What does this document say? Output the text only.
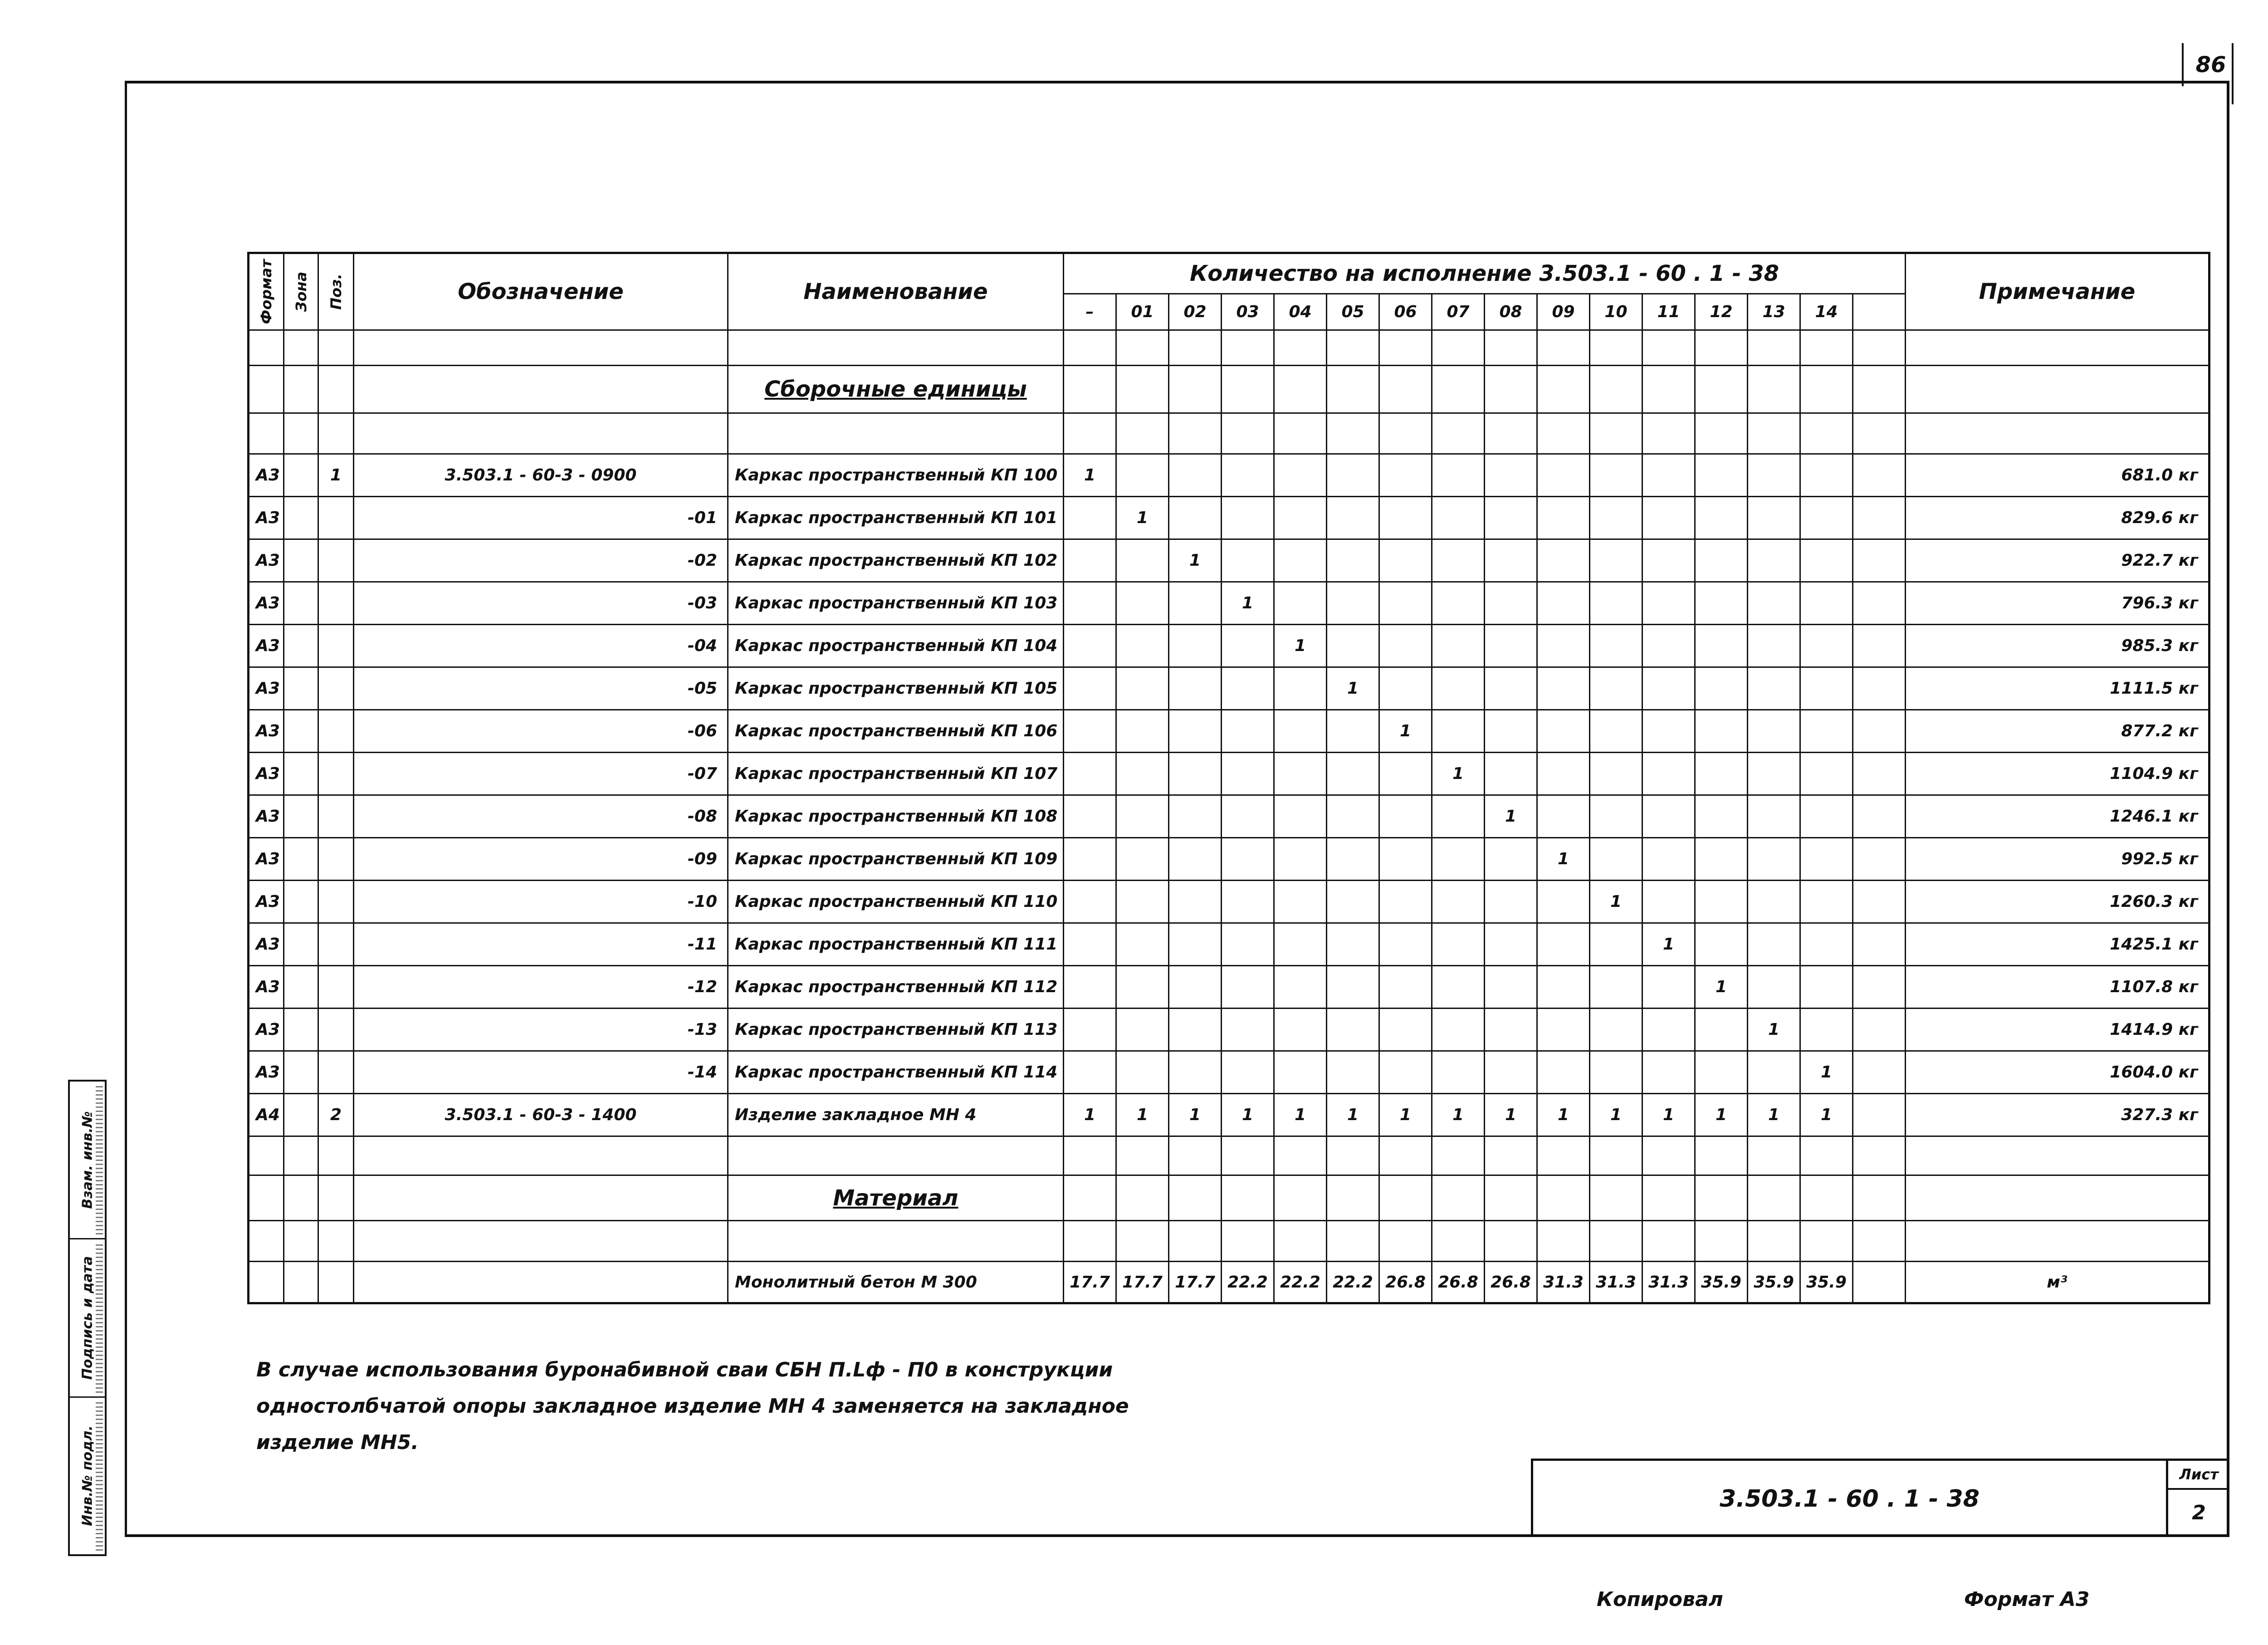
86
Инв.№ подл.
Подпись и дата
Взам. инв.№
Формат	Зона	Поз.	Обозначение	Наименование	Количество на исполнение 3.503.1 - 60 . 1 - 38																Примечание
					–	01	02	03	04	05	06	07	08	09	10	11	12	13	14		

				Сборочные единицы																	

А3		1	3.503.1 - 60-3 - 0900	Каркас пространственный КП 100	1																681.0 кг
А3			-01	Каркас пространственный КП 101		1															829.6 кг
А3			-02	Каркас пространственный КП 102			1														922.7 кг
А3			-03	Каркас пространственный КП 103				1													796.3 кг
А3			-04	Каркас пространственный КП 104					1												985.3 кг
А3			-05	Каркас пространственный КП 105						1											1111.5 кг
А3			-06	Каркас пространственный КП 106							1										877.2 кг
А3			-07	Каркас пространственный КП 107								1									1104.9 кг
А3			-08	Каркас пространственный КП 108									1								1246.1 кг
А3			-09	Каркас пространственный КП 109										1							992.5 кг
А3			-10	Каркас пространственный КП 110											1						1260.3 кг
А3			-11	Каркас пространственный КП 111												1					1425.1 кг
А3			-12	Каркас пространственный КП 112													1				1107.8 кг
А3			-13	Каркас пространственный КП 113														1			1414.9 кг
А3			-14	Каркас пространственный КП 114															1		1604.0 кг
А4		2	3.503.1 - 60-3 - 1400	Изделие закладное МН 4	1	1	1	1	1	1	1	1	1	1	1	1	1	1	1		327.3 кг

				Материал																	

				Монолитный бетон М 300	17.7	17.7	17.7	22.2	22.2	22.2	26.8	26.8	26.8	31.3	31.3	31.3	35.9	35.9	35.9		м³
В случае использования буронабивной сваи СБН П.Lф - П0 в конструкции
одностолбчатой опоры закладное изделие МН 4 заменяется на закладное
изделие МН5.
3.503.1 - 60 . 1 - 38
Лист
2
Копировал	Формат А3
